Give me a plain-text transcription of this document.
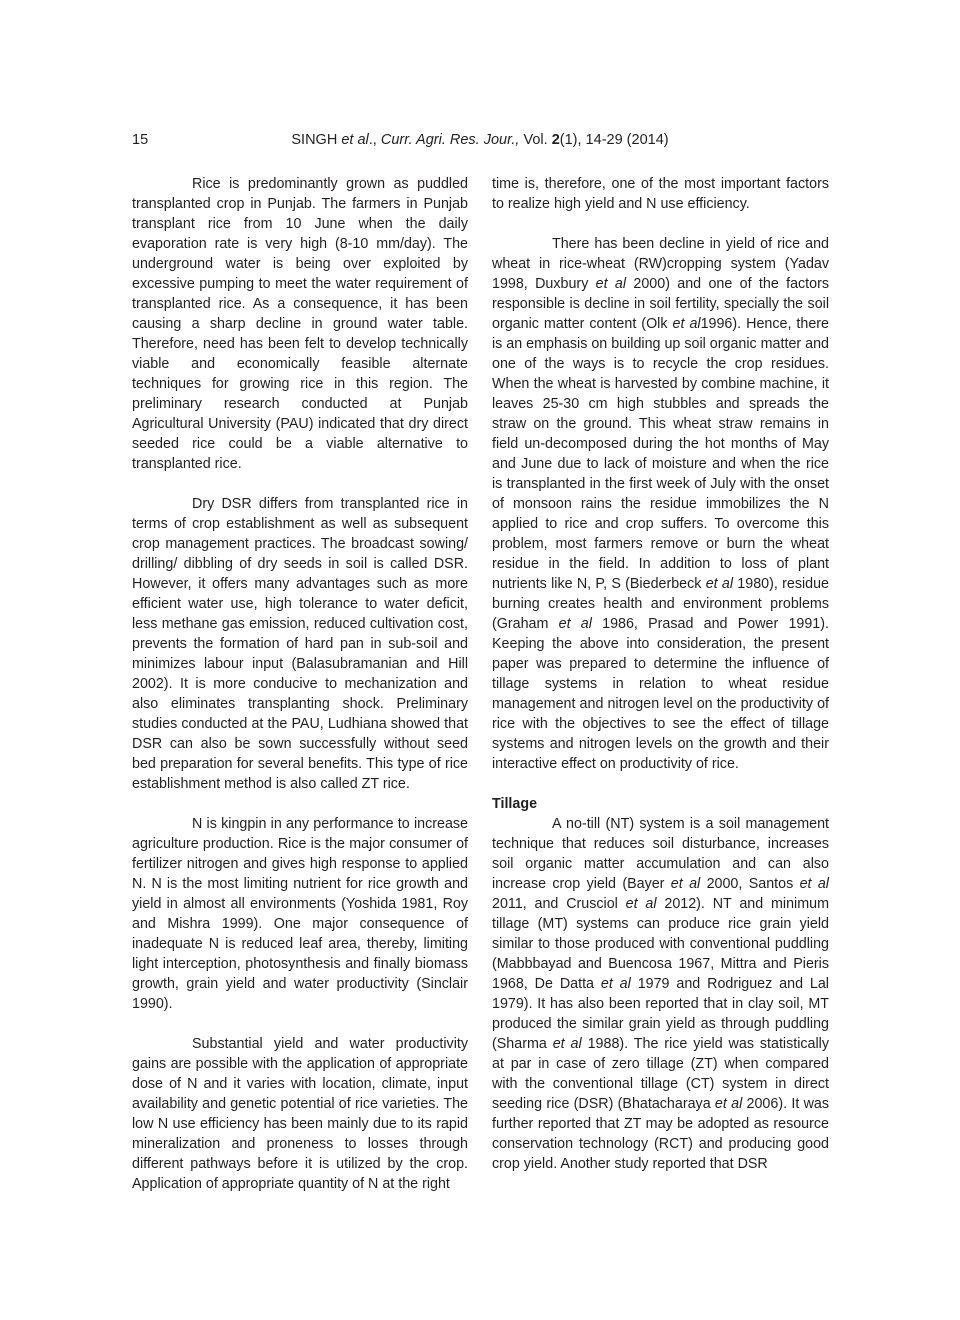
15	SINGH et al., Curr. Agri. Res. Jour., Vol. 2(1), 14-29 (2014)

Rice is predominantly grown as puddled transplanted crop in Punjab. The farmers in Punjab transplant rice from 10 June when the daily evaporation rate is very high (8-10 mm/day). The underground water is being over exploited by excessive pumping to meet the water requirement of transplanted rice. As a consequence, it has been causing a sharp decline in ground water table. Therefore, need has been felt to develop technically viable and economically feasible alternate techniques for growing rice in this region. The preliminary research conducted at Punjab Agricultural University (PAU) indicated that dry direct seeded rice could be a viable alternative to transplanted rice.

Dry DSR differs from transplanted rice in terms of crop establishment as well as subsequent crop management practices. The broadcast sowing/ drilling/ dibbling of dry seeds in soil is called DSR. However, it offers many advantages such as more efficient water use, high tolerance to water deficit, less methane gas emission, reduced cultivation cost, prevents the formation of hard pan in sub-soil and minimizes labour input (Balasubramanian and Hill 2002). It is more conducive to mechanization and also eliminates transplanting shock. Preliminary studies conducted at the PAU, Ludhiana showed that DSR can also be sown successfully without seed bed preparation for several benefits. This type of rice establishment method is also called ZT rice.

N is kingpin in any performance to increase agriculture production. Rice is the major consumer of fertilizer nitrogen and gives high response to applied N. N is the most limiting nutrient for rice growth and yield in almost all environments (Yoshida 1981, Roy and Mishra 1999). One major consequence of inadequate N is reduced leaf area, thereby, limiting light interception, photosynthesis and finally biomass growth, grain yield and water productivity (Sinclair 1990).

Substantial yield and water productivity gains are possible with the application of appropriate dose of N and it varies with location, climate, input availability and genetic potential of rice varieties. The low N use efficiency has been mainly due to its rapid mineralization and proneness to losses through different pathways before it is utilized by the crop. Application of appropriate quantity of N at the right

time is, therefore, one of the most important factors to realize high yield and N use efficiency.

There has been decline in yield of rice and wheat in rice-wheat (RW)cropping system (Yadav 1998, Duxbury et al 2000) and one of the factors responsible is decline in soil fertility, specially the soil organic matter content (Olk et al1996). Hence, there is an emphasis on building up soil organic matter and one of the ways is to recycle the crop residues. When the wheat is harvested by combine machine, it leaves 25-30 cm high stubbles and spreads the straw on the ground. This wheat straw remains in field un-decomposed during the hot months of May and June due to lack of moisture and when the rice is transplanted in the first week of July with the onset of monsoon rains the residue immobilizes the N applied to rice and crop suffers. To overcome this problem, most farmers remove or burn the wheat residue in the field. In addition to loss of plant nutrients like N, P, S (Biederbeck et al 1980), residue burning creates health and environment problems (Graham et al 1986, Prasad and Power 1991). Keeping the above into consideration, the present paper was prepared to determine the influence of tillage systems in relation to wheat residue management and nitrogen level on the productivity of rice with the objectives to see the effect of tillage systems and nitrogen levels on the growth and their interactive effect on productivity of rice.

Tillage

A no-till (NT) system is a soil management technique that reduces soil disturbance, increases soil organic matter accumulation and can also increase crop yield (Bayer et al 2000, Santos et al 2011, and Crusciol et al 2012). NT and minimum tillage (MT) systems can produce rice grain yield similar to those produced with conventional puddling (Mabbbayad and Buencosa 1967, Mittra and Pieris 1968, De Datta et al 1979 and Rodriguez and Lal 1979). It has also been reported that in clay soil, MT produced the similar grain yield as through puddling (Sharma et al 1988). The rice yield was statistically at par in case of zero tillage (ZT) when compared with the conventional tillage (CT) system in direct seeding rice (DSR) (Bhatacharaya et al 2006). It was further reported that ZT may be adopted as resource conservation technology (RCT) and producing good crop yield. Another study reported that DSR
